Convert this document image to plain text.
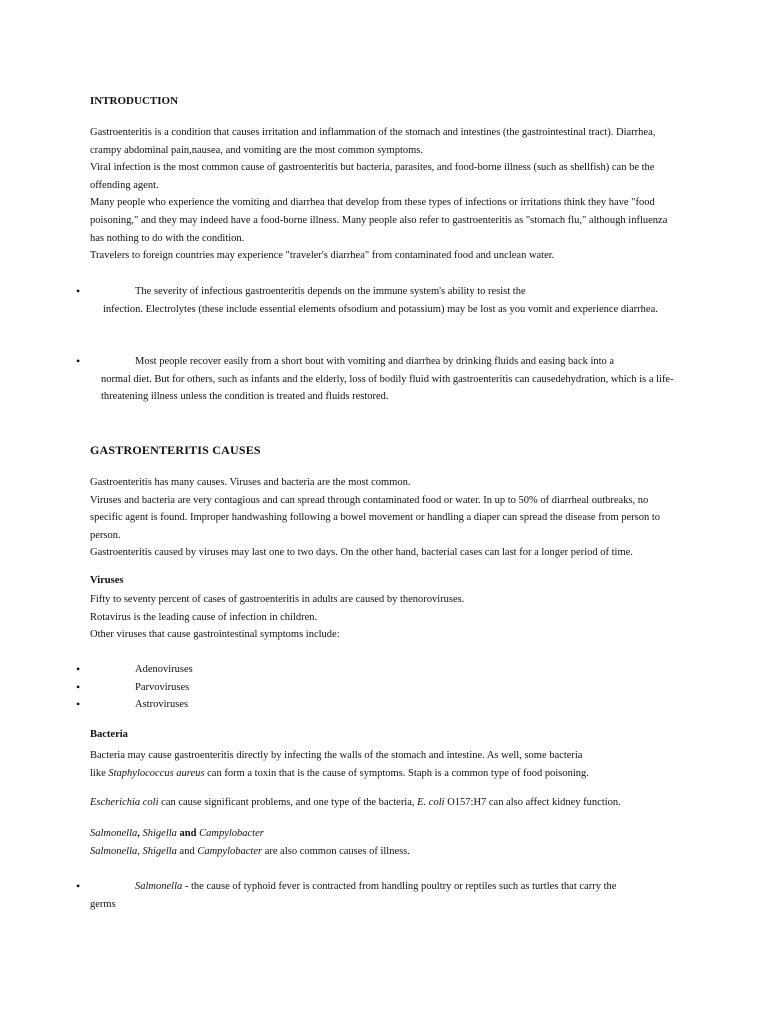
INTRODUCTION

Gastroenteritis is a condition that causes irritation and inflammation of the stomach and intestines (the gastrointestinal tract). Diarrhea, crampy abdominal pain,nausea, and vomiting are the most common symptoms.

Viral infection is the most common cause of gastroenteritis but bacteria, parasites, and food-borne illness (such as shellfish) can be the offending agent.

Many people who experience the vomiting and diarrhea that develop from these types of infections or irritations think they have "food poisoning," and they may indeed have a food-borne illness. Many people also refer to gastroenteritis as "stomach flu," although influenza has nothing to do with the condition.

Travelers to foreign countries may experience "traveler's diarrhea" from contaminated food and unclean water.

•	The severity of infectious gastroenteritis depends on the immune system's ability to resist the
infection. Electrolytes (these include essential elements ofsodium and potassium) may be lost as you vomit and experience diarrhea.
•	Most people recover easily from a short bout with vomiting and diarrhea by drinking fluids and easing back into a
normal diet. But for others, such as infants and the elderly, loss of bodily fluid with gastroenteritis can causedehydration, which is a life-threatening illness unless the condition is treated and fluids restored.
GASTROENTERITIS CAUSES

Gastroenteritis has many causes. Viruses and bacteria are the most common.

Viruses and bacteria are very contagious and can spread through contaminated food or water. In up to 50% of diarrheal outbreaks, no specific agent is found. Improper handwashing following a bowel movement or handling a diaper can spread the disease from person to person.

Gastroenteritis caused by viruses may last one to two days. On the other hand, bacterial cases can last for a longer period of time.

Viruses

Fifty to seventy percent of cases of gastroenteritis in adults are caused by thenoroviruses.

Rotavirus is the leading cause of infection in children.

Other viruses that cause gastrointestinal symptoms include:

•	Adenoviruses
•	Parvoviruses
•	Astroviruses

Bacteria

Bacteria may cause gastroenteritis directly by infecting the walls of the stomach and intestine. As well, some bacteria

like Staphylococcus aureus can form a toxin that is the cause of symptoms. Staph is a common type of food poisoning.

Escherichia coli can cause significant problems, and one type of the bacteria, E. coli O157:H7 can also affect kidney function.

Salmonella, Shigella and Campylobacter

Salmonella, Shigella and Campylobacter are also common causes of illness.

•	Salmonella - the cause of typhoid fever is contracted from handling poultry or reptiles such as turtles that carry the
germs
